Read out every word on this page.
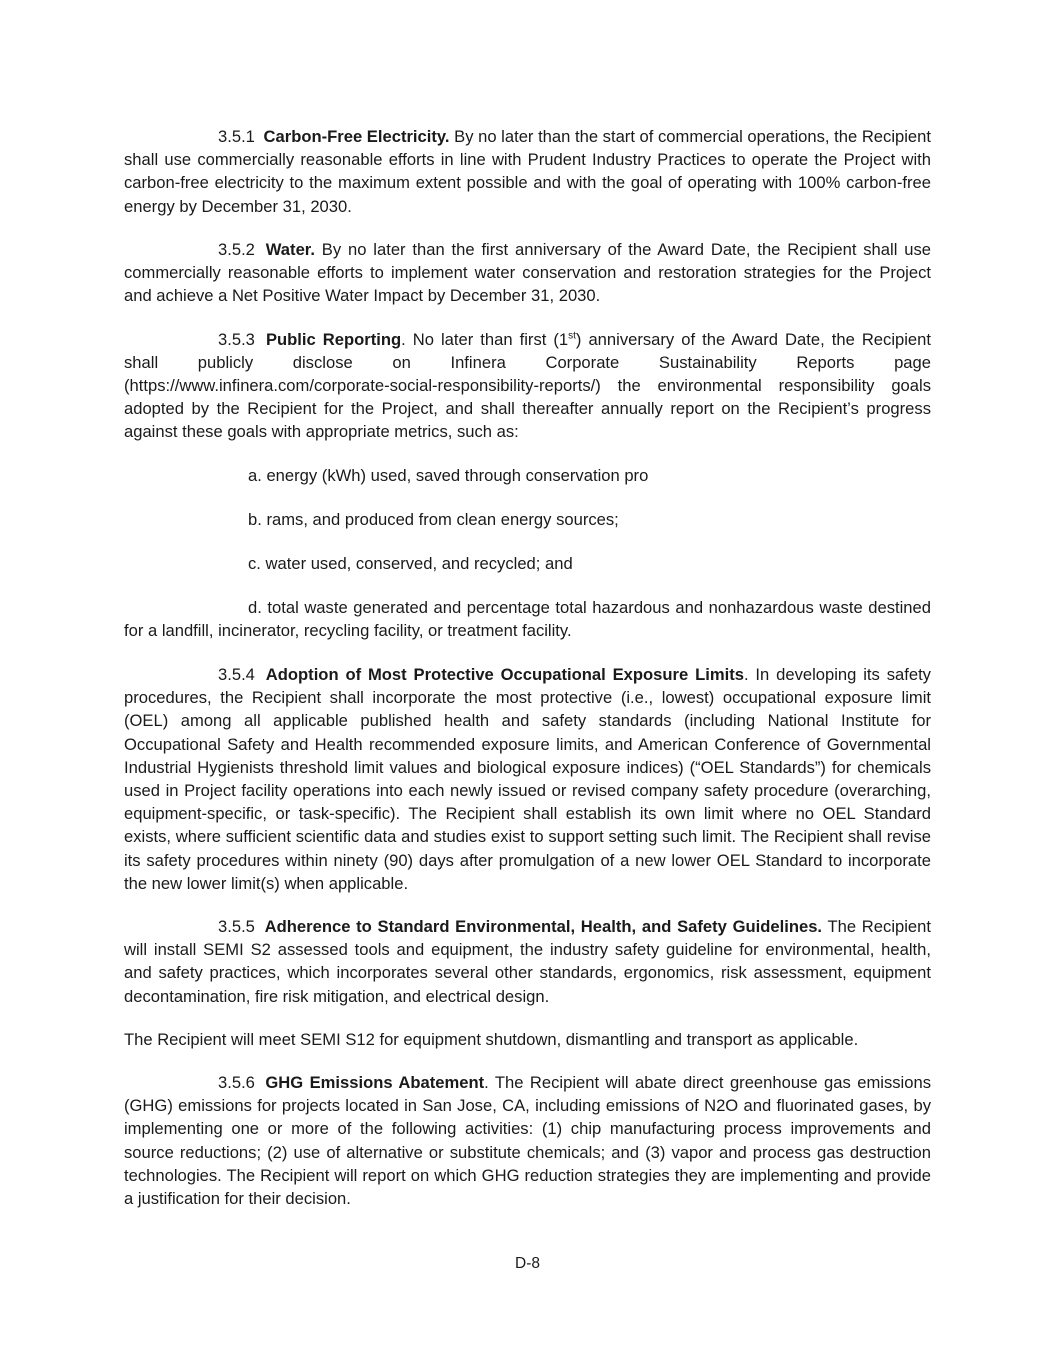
3.5.1 Carbon-Free Electricity. By no later than the start of commercial operations, the Recipient shall use commercially reasonable efforts in line with Prudent Industry Practices to operate the Project with carbon-free electricity to the maximum extent possible and with the goal of operating with 100% carbon-free energy by December 31, 2030.

3.5.2 Water. By no later than the first anniversary of the Award Date, the Recipient shall use commercially reasonable efforts to implement water conservation and restoration strategies for the Project and achieve a Net Positive Water Impact by December 31, 2030.

3.5.3 Public Reporting. No later than first (1st) anniversary of the Award Date, the Recipient

shall publicly disclose on Infinera Corporate Sustainability Reports page

(https://www.infinera.com/corporate-social-responsibility-reports/) the environmental responsibility goals adopted by the Recipient for the Project, and shall thereafter annually report on the Recipient’s progress against these goals with appropriate metrics, such as:

a. energy (kWh) used, saved through conservation pro

b. rams, and produced from clean energy sources;

c. water used, conserved, and recycled; and

d. total waste generated and percentage total hazardous and nonhazardous waste destined for a landfill, incinerator, recycling facility, or treatment facility.

3.5.4 Adoption of Most Protective Occupational Exposure Limits. In developing its safety procedures, the Recipient shall incorporate the most protective (i.e., lowest) occupational exposure limit (OEL) among all applicable published health and safety standards (including National Institute for Occupational Safety and Health recommended exposure limits, and American Conference of Governmental Industrial Hygienists threshold limit values and biological exposure indices) (“OEL Standards”) for chemicals used in Project facility operations into each newly issued or revised company safety procedure (overarching, equipment-specific, or task-specific). The Recipient shall establish its own limit where no OEL Standard exists, where sufficient scientific data and studies exist to support setting such limit. The Recipient shall revise its safety procedures within ninety (90) days after promulgation of a new lower OEL Standard to incorporate the new lower limit(s) when applicable.

3.5.5 Adherence to Standard Environmental, Health, and Safety Guidelines. The Recipient will install SEMI S2 assessed tools and equipment, the industry safety guideline for environmental, health, and safety practices, which incorporates several other standards, ergonomics, risk assessment, equipment decontamination, fire risk mitigation, and electrical design.

The Recipient will meet SEMI S12 for equipment shutdown, dismantling and transport as applicable.

3.5.6 GHG Emissions Abatement. The Recipient will abate direct greenhouse gas emissions (GHG) emissions for projects located in San Jose, CA, including emissions of N2O and fluorinated gases, by implementing one or more of the following activities: (1) chip manufacturing process improvements and source reductions; (2) use of alternative or substitute chemicals; and (3) vapor and process gas destruction technologies. The Recipient will report on which GHG reduction strategies they are implementing and provide a justification for their decision.

D-8
